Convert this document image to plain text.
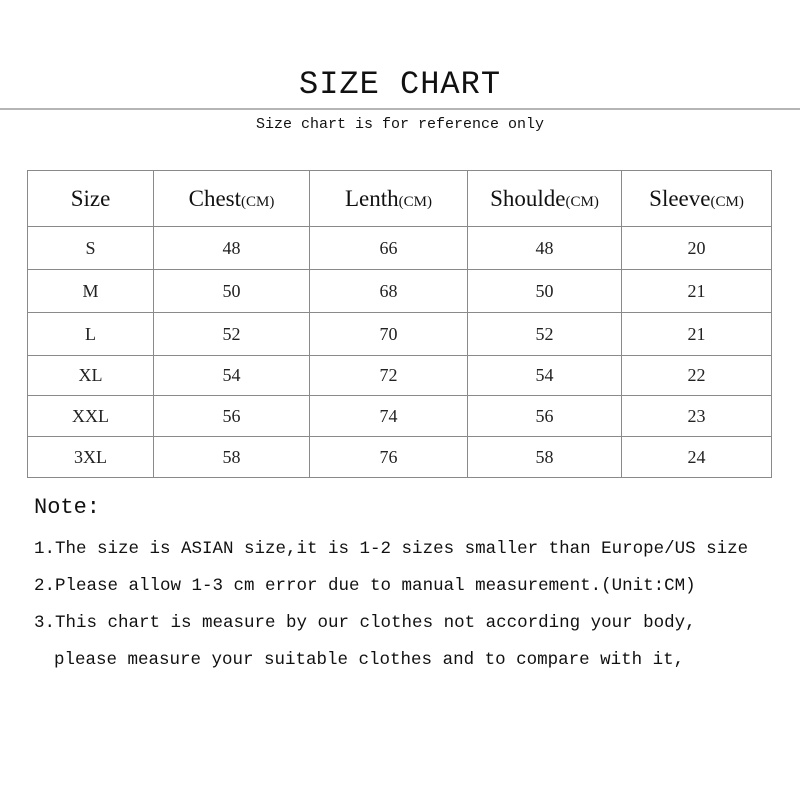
SIZE CHART
Size chart is for reference only
Size	Chest(CM)	Lenth(CM)	Shoulde(CM)	Sleeve(CM)
S	48	66	48	20
M	50	68	50	21
L	52	70	52	21
XL	54	72	54	22
XXL	56	74	56	23
3XL	58	76	58	24
Note:
1.The size is ASIAN size,it is 1-2 sizes smaller than Europe/US size
2.Please allow 1-3 cm error due to manual measurement.(Unit:CM)
3.This chart is measure by our clothes not according your body,
please measure your suitable clothes and to compare with it,
